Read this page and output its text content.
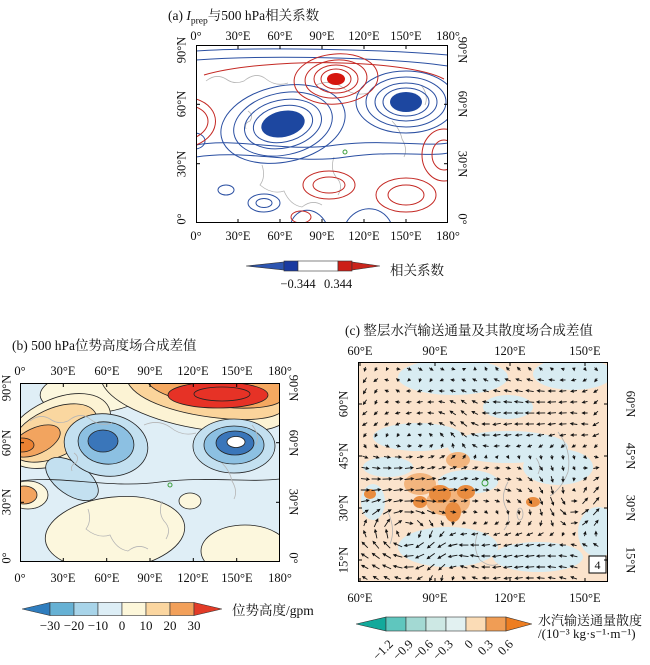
(a) $I_{prep}$与500 hPa相关系数
0° 30°E 60°E 90°E 120°E 150°E 180°
0° 30°E 60°E 90°E 120°E 150°E 180°
90°N
60°N
30°N
0°
90°N
60°N
30°N
0°
−0.344 0.344
相关系数
(b) 500 hPa位势高度场合成差值
0° 30°E 60°E 90°E 120°E 150°E 180°
0° 30°E 60°E 90°E 120°E 150°E 180°
90°N
60°N
30°N
0°
90°N
60°N
30°N
0°
−30 −20 −10 0 10 20 30
位势高度/gpm
(c) 整层水汽输送通量及其散度场合成差值
60°E	90°E	120°E	150°E
60°E	90°E	120°E	150°E
60°N
45°N
30°N
15°N
60°N
45°N
30°N
15°N
4
−1.2
−0.9
−0.6
−0.3 0 0.3 0.6
水汽输送通量散度
/(10⁻³ kg·s⁻¹·m⁻¹)
